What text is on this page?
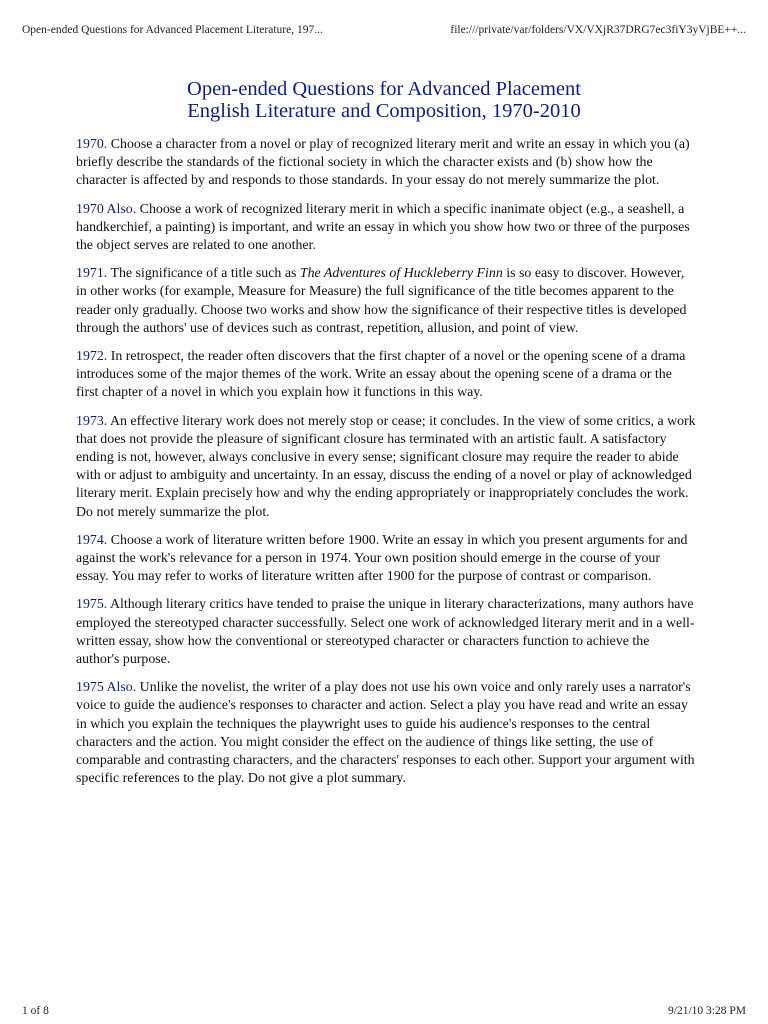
Open-ended Questions for Advanced Placement Literature, 197...	file:///private/var/folders/VX/VXjR37DRG7ec3fiY3yVjBE++...
Open-ended Questions for Advanced Placement
English Literature and Composition, 1970-2010

1970. Choose a character from a novel or play of recognized literary merit and write an essay in which you (a) briefly describe the standards of the fictional society in which the character exists and (b) show how the character is affected by and responds to those standards. In your essay do not merely summarize the plot.

1970 Also. Choose a work of recognized literary merit in which a specific inanimate object (e.g., a seashell, a handkerchief, a painting) is important, and write an essay in which you show how two or three of the purposes the object serves are related to one another.

1971. The significance of a title such as The Adventures of Huckleberry Finn is so easy to discover. However, in other works (for example, Measure for Measure) the full significance of the title becomes apparent to the reader only gradually. Choose two works and show how the significance of their respective titles is developed through the authors' use of devices such as contrast, repetition, allusion, and point of view.

1972. In retrospect, the reader often discovers that the first chapter of a novel or the opening scene of a drama introduces some of the major themes of the work. Write an essay about the opening scene of a drama or the first chapter of a novel in which you explain how it functions in this way.

1973. An effective literary work does not merely stop or cease; it concludes. In the view of some critics, a work that does not provide the pleasure of significant closure has terminated with an artistic fault. A satisfactory ending is not, however, always conclusive in every sense; significant closure may require the reader to abide with or adjust to ambiguity and uncertainty. In an essay, discuss the ending of a novel or play of acknowledged literary merit. Explain precisely how and why the ending appropriately or inappropriately concludes the work. Do not merely summarize the plot.

1974. Choose a work of literature written before 1900. Write an essay in which you present arguments for and against the work's relevance for a person in 1974. Your own position should emerge in the course of your essay. You may refer to works of literature written after 1900 for the purpose of contrast or comparison.

1975. Although literary critics have tended to praise the unique in literary characterizations, many authors have employed the stereotyped character successfully. Select one work of acknowledged literary merit and in a well-written essay, show how the conventional or stereotyped character or characters function to achieve the author's purpose.

1975 Also. Unlike the novelist, the writer of a play does not use his own voice and only rarely uses a narrator's voice to guide the audience's responses to character and action. Select a play you have read and write an essay in which you explain the techniques the playwright uses to guide his audience's responses to the central characters and the action. You might consider the effect on the audience of things like setting, the use of comparable and contrasting characters, and the characters' responses to each other. Support your argument with specific references to the play. Do not give a plot summary.

1 of 8	9/21/10 3:28 PM
